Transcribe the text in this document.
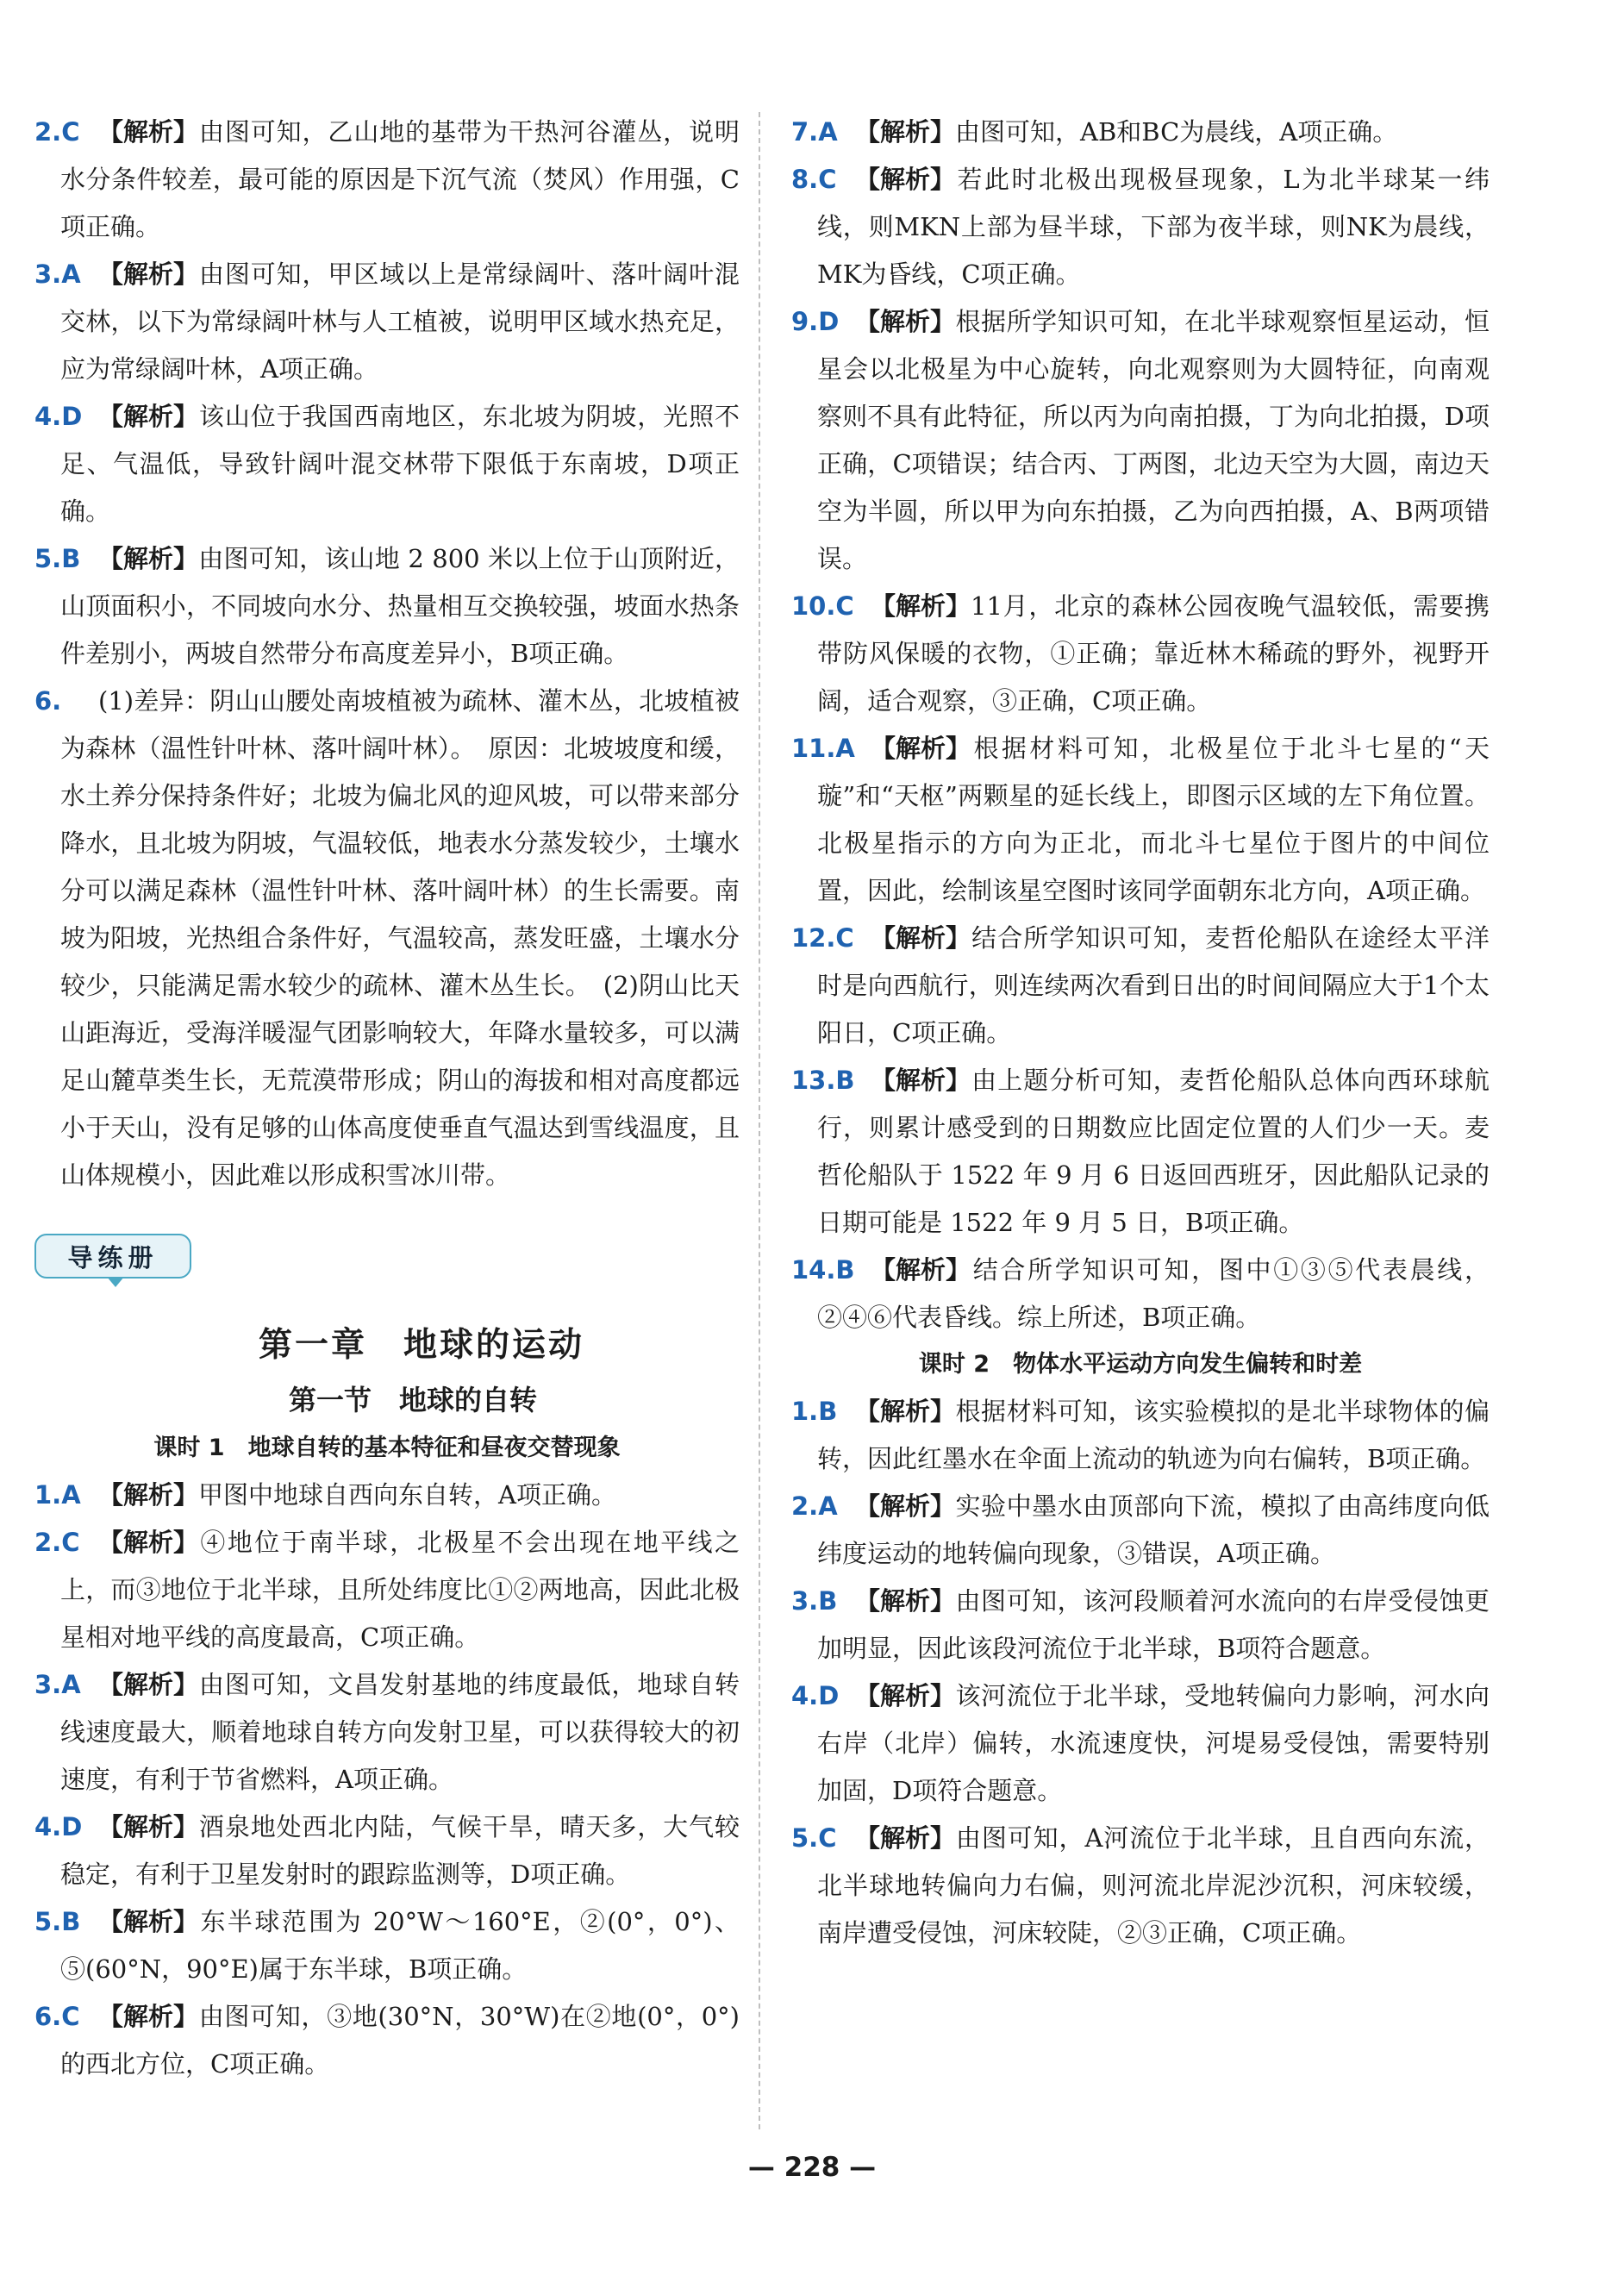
2.C 【解析】由图可知，乙山地的基带为干热河谷灌丛，说明水分条件较差，最可能的原因是下沉气流（焚风）作用强，C项正确。
3.A 【解析】由图可知，甲区域以上是常绿阔叶、落叶阔叶混交林，以下为常绿阔叶林与人工植被，说明甲区域水热充足，应为常绿阔叶林，A项正确。
4.D 【解析】该山位于我国西南地区，东北坡为阴坡，光照不足、气温低，导致针阔叶混交林带下限低于东南坡，D项正确。
5.B 【解析】由图可知，该山地 2 800 米以上位于山顶附近，山顶面积小，不同坡向水分、热量相互交换较强，坡面水热条件差别小，两坡自然带分布高度差异小，B项正确。
6. (1)差异：阴山山腰处南坡植被为疏林、灌木丛，北坡植被为森林（温性针叶林、落叶阔叶林）。　原因：北坡坡度和缓，水土养分保持条件好；北坡为偏北风的迎风坡，可以带来部分降水，且北坡为阴坡，气温较低，地表水分蒸发较少，土壤水分可以满足森林（温性针叶林、落叶阔叶林）的生长需要。南坡为阳坡，光热组合条件好，气温较高，蒸发旺盛，土壤水分较少，只能满足需水较少的疏林、灌木丛生长。　(2)阴山比天山距海近，受海洋暖湿气团影响较大，年降水量较多，可以满足山麓草类生长，无荒漠带形成；阴山的海拔和相对高度都远小于天山，没有足够的山体高度使垂直气温达到雪线温度，且山体规模小，因此难以形成积雪冰川带。
导练册
第一章　地球的运动
第一节　地球的自转
课时 1　地球自转的基本特征和昼夜交替现象
1.A 【解析】甲图中地球自西向东自转，A项正确。
2.C 【解析】④地位于南半球，北极星不会出现在地平线之上，而③地位于北半球，且所处纬度比①②两地高，因此北极星相对地平线的高度最高，C项正确。
3.A 【解析】由图可知，文昌发射基地的纬度最低，地球自转线速度最大，顺着地球自转方向发射卫星，可以获得较大的初速度，有利于节省燃料，A项正确。
4.D 【解析】酒泉地处西北内陆，气候干旱，晴天多，大气较稳定，有利于卫星发射时的跟踪监测等，D项正确。
5.B 【解析】东半球范围为 20°W～160°E，②(0°，0°)、⑤(60°N，90°E)属于东半球，B项正确。
6.C 【解析】由图可知，③地(30°N，30°W)在②地(0°，0°)的西北方位，C项正确。
7.A 【解析】由图可知，AB和BC为晨线，A项正确。
8.C 【解析】若此时北极出现极昼现象，L为北半球某一纬线，则MKN上部为昼半球，下部为夜半球，则NK为晨线，MK为昏线，C项正确。
9.D 【解析】根据所学知识可知，在北半球观察恒星运动，恒星会以北极星为中心旋转，向北观察则为大圆特征，向南观察则不具有此特征，所以丙为向南拍摄，丁为向北拍摄，D项正确，C项错误；结合丙、丁两图，北边天空为大圆，南边天空为半圆，所以甲为向东拍摄，乙为向西拍摄，A、B两项错误。
10.C 【解析】11月，北京的森林公园夜晚气温较低，需要携带防风保暖的衣物，①正确；靠近林木稀疏的野外，视野开阔，适合观察，③正确，C项正确。
11.A 【解析】根据材料可知，北极星位于北斗七星的“天璇”和“天枢”两颗星的延长线上，即图示区域的左下角位置。北极星指示的方向为正北，而北斗七星位于图片的中间位置，因此，绘制该星空图时该同学面朝东北方向，A项正确。
12.C 【解析】结合所学知识可知，麦哲伦船队在途经太平洋时是向西航行，则连续两次看到日出的时间间隔应大于1个太阳日，C项正确。
13.B 【解析】由上题分析可知，麦哲伦船队总体向西环球航行，则累计感受到的日期数应比固定位置的人们少一天。麦哲伦船队于 1522 年 9 月 6 日返回西班牙，因此船队记录的日期可能是 1522 年 9 月 5 日，B项正确。
14.B 【解析】结合所学知识可知，图中①③⑤代表晨线，②④⑥代表昏线。综上所述，B项正确。
课时 2　物体水平运动方向发生偏转和时差
1.B 【解析】根据材料可知，该实验模拟的是北半球物体的偏转，因此红墨水在伞面上流动的轨迹为向右偏转，B项正确。
2.A 【解析】实验中墨水由顶部向下流，模拟了由高纬度向低纬度运动的地转偏向现象，③错误，A项正确。
3.B 【解析】由图可知，该河段顺着河水流向的右岸受侵蚀更加明显，因此该段河流位于北半球，B项符合题意。
4.D 【解析】该河流位于北半球，受地转偏向力影响，河水向右岸（北岸）偏转，水流速度快，河堤易受侵蚀，需要特别加固，D项符合题意。
5.C 【解析】由图可知，A河流位于北半球，且自西向东流，北半球地转偏向力右偏，则河流北岸泥沙沉积，河床较缓，南岸遭受侵蚀，河床较陡，②③正确，C项正确。
— 228 —
